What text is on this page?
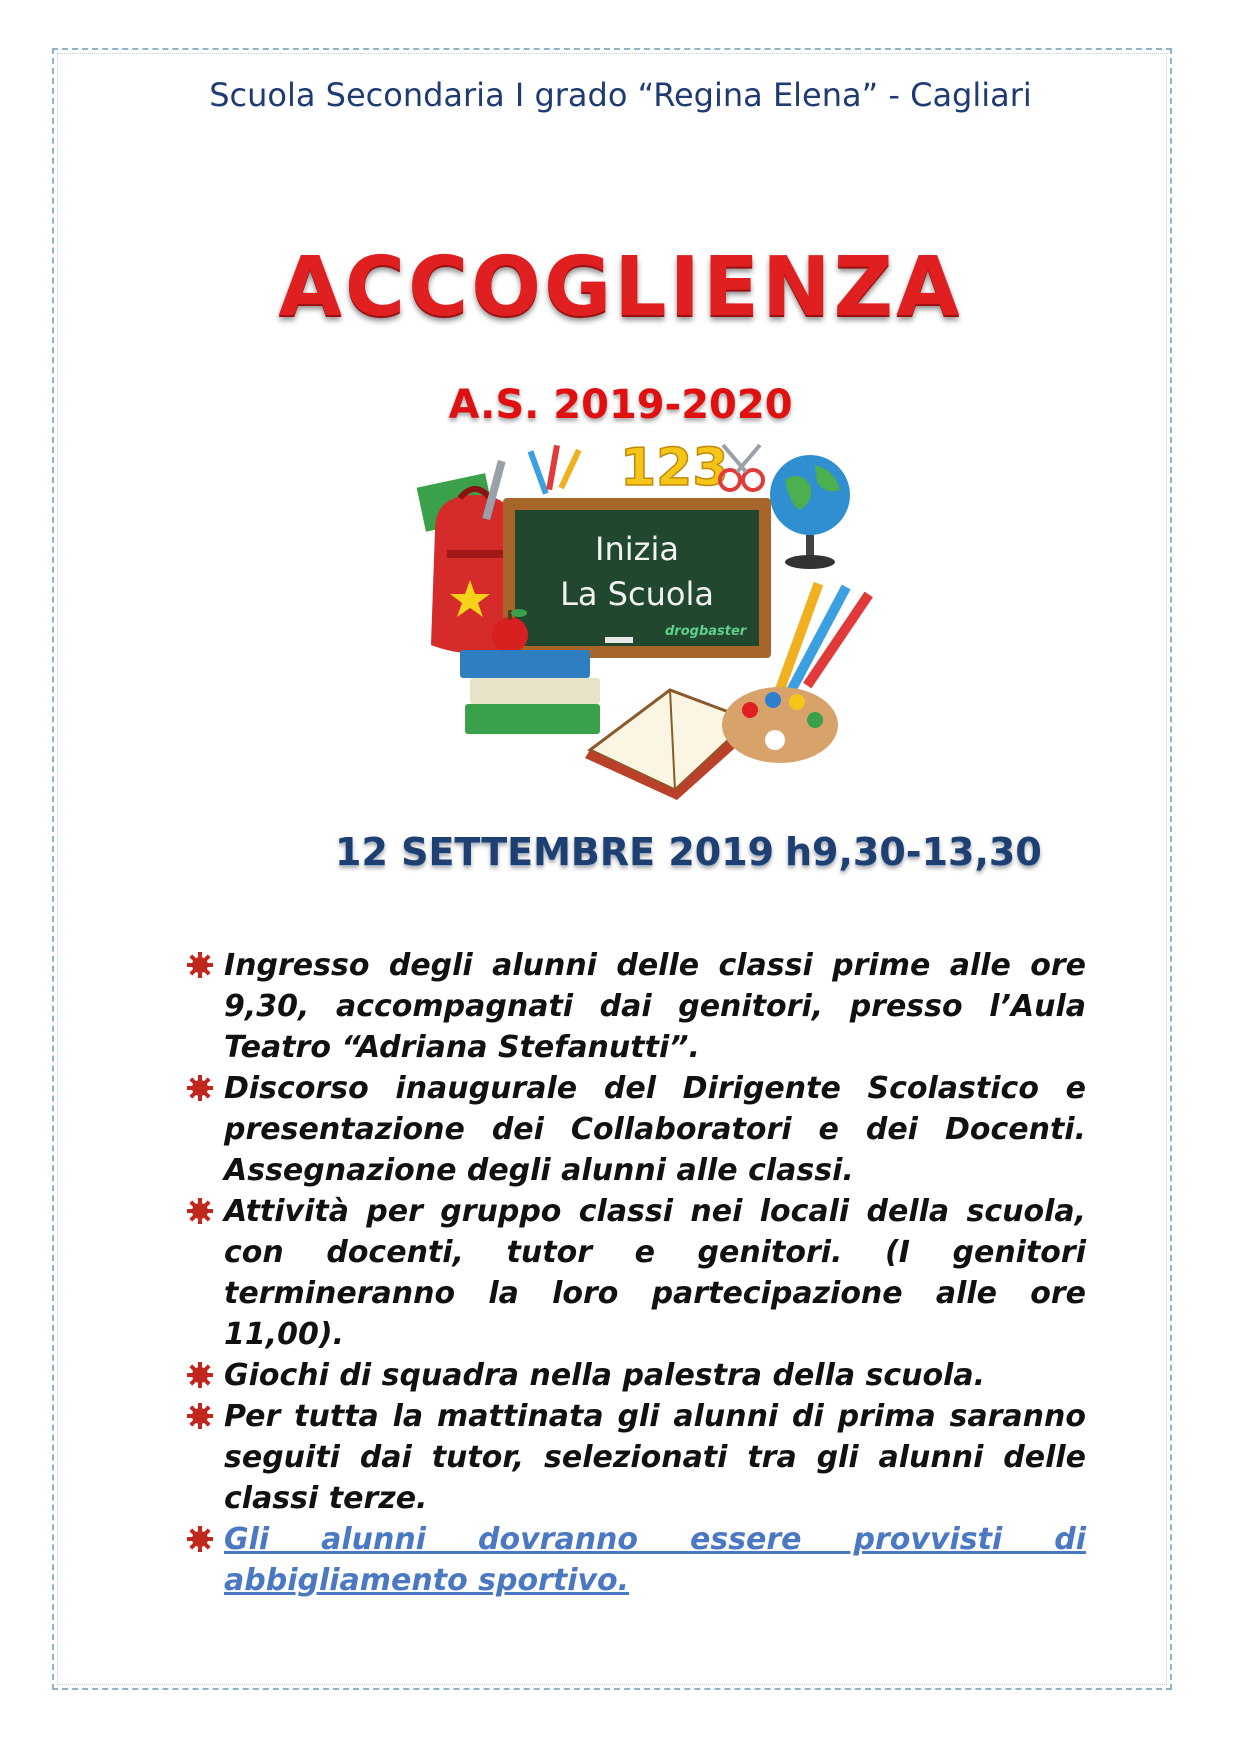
Scuola Secondaria I grado “Regina Elena” - Cagliari
ACCOGLIENZA
A.S. 2019-2020
123
Inizia
La Scuola
drogbaster
12 SETTEMBRE 2019 h9,30-13,30
Ingresso degli alunni delle classi prime alle ore 9,30, accompagnati dai genitori, presso l’Aula Teatro “Adriana Stefanutti”.
Discorso inaugurale del Dirigente Scolastico e presentazione dei Collaboratori e dei Docenti. Assegnazione degli alunni alle classi.
Attività per gruppo classi nei locali della scuola, con docenti, tutor e genitori. (I genitori termineranno la loro partecipazione alle ore 11,00).
Giochi di squadra nella palestra della scuola.
Per tutta la mattinata gli alunni di prima saranno seguiti dai tutor, selezionati tra gli alunni delle classi terze.
Gli alunni dovranno essere provvisti di abbigliamento sportivo.
